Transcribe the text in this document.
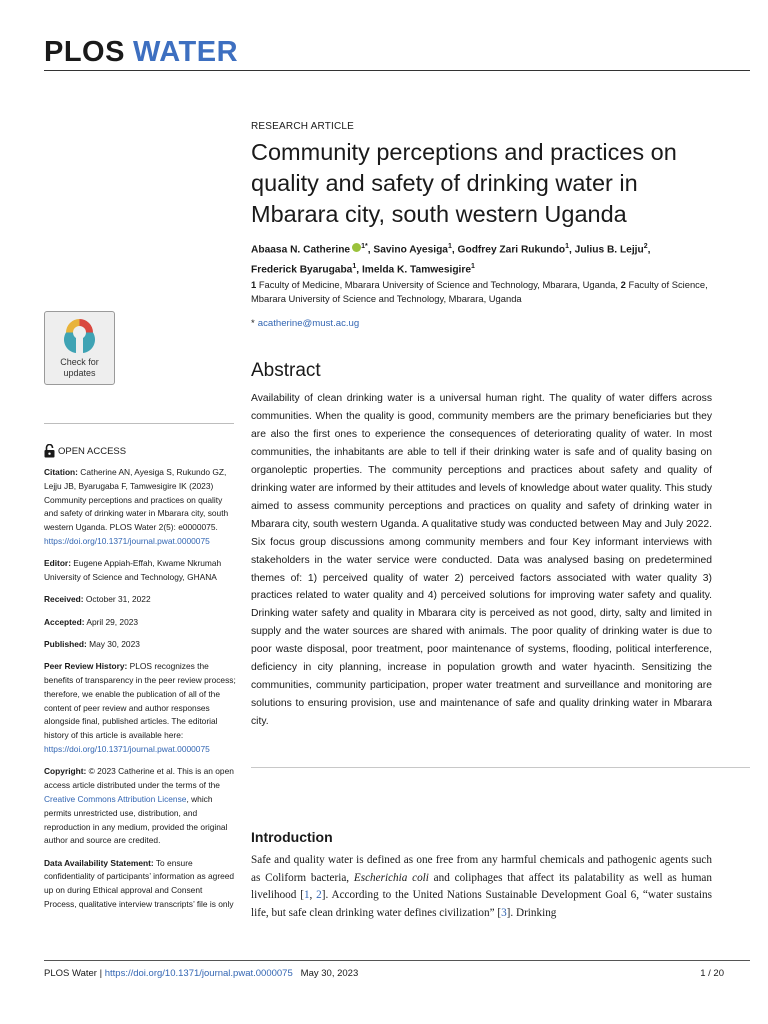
PLOS WATER
Check for
updates
OPEN ACCESS

Citation: Catherine AN, Ayesiga S, Rukundo GZ, Lejju JB, Byarugaba F, Tamwesigire IK (2023) Community perceptions and practices on quality and safety of drinking water in Mbarara city, south western Uganda. PLOS Water 2(5): e0000075. https://doi.org/10.1371/journal.pwat.0000075

Editor: Eugene Appiah-Effah, Kwame Nkrumah University of Science and Technology, GHANA

Received: October 31, 2022

Accepted: April 29, 2023

Published: May 30, 2023

Peer Review History: PLOS recognizes the benefits of transparency in the peer review process; therefore, we enable the publication of all of the content of peer review and author responses alongside final, published articles. The editorial history of this article is available here: https://doi.org/10.1371/journal.pwat.0000075

Copyright: © 2023 Catherine et al. This is an open access article distributed under the terms of the Creative Commons Attribution License, which permits unrestricted use, distribution, and reproduction in any medium, provided the original author and source are credited.

Data Availability Statement: To ensure confidentiality of participants’ information as agreed up on during Ethical approval and Consent Process, qualitative interview transcripts’ file is only

RESEARCH ARTICLE
Community perceptions and practices on quality and safety of drinking water in Mbarara city, south western Uganda
Abaasa N. Catherine $^{1*}$, Savino Ayesiga$^1$, Godfrey Zari Rukundo$^1$, Julius B. Lejju$^2$,
Frederick Byarugaba$^1$, Imelda K. Tamwesigire$^1$
1 Faculty of Medicine, Mbarara University of Science and Technology, Mbarara, Uganda, 2 Faculty of Science, Mbarara University of Science and Technology, Mbarara, Uganda
* acatherine@must.ac.ug
Abstract

Availability of clean drinking water is a universal human right. The quality of water differs across communities. When the quality is good, community members are the primary beneficiaries but they are also the first ones to experience the consequences of deteriorating quality of water. In most communities, the inhabitants are able to tell if their drinking water is safe and of quality basing on organoleptic properties. The community perceptions and practices about safety and quality of drinking water are informed by their attitudes and levels of knowledge about water quality. This study aimed to assess community perceptions and practices on quality and safety of drinking water in Mbarara city, south western Uganda. A qualitative study was conducted between May and July 2022. Six focus group discussions among community members and four Key informant interviews with stakeholders in the water service were conducted. Data was analysed basing on predetermined themes of: 1) perceived quality of water 2) perceived factors associated with water quality 3) practices related to water quality and 4) perceived solutions for improving water safety and quality. Drinking water safety and quality in Mbarara city is perceived as not good, dirty, salty and limited in supply and the water sources are shared with animals. The poor quality of drinking water is due to poor waste disposal, poor treatment, poor maintenance of systems, flooding, political interference, deficiency in city planning, increase in population growth and water hyacinth. Sensitizing the communities, community participation, proper water treatment and surveillance and monitoring are solutions to ensuring provision, use and maintenance of safe and quality drinking water in Mbarara city.

Introduction

Safe and quality water is defined as one free from any harmful chemicals and pathogenic agents such as Coliform bacteria, Escherichia coli and coliphages that affect its palatability as well as human livelihood [1, 2]. According to the United Nations Sustainable Development Goal 6, “water sustains life, but safe clean drinking water defines civilization” [3]. Drinking

PLOS Water | https://doi.org/10.1371/journal.pwat.0000075 May 30, 2023	1 / 20
